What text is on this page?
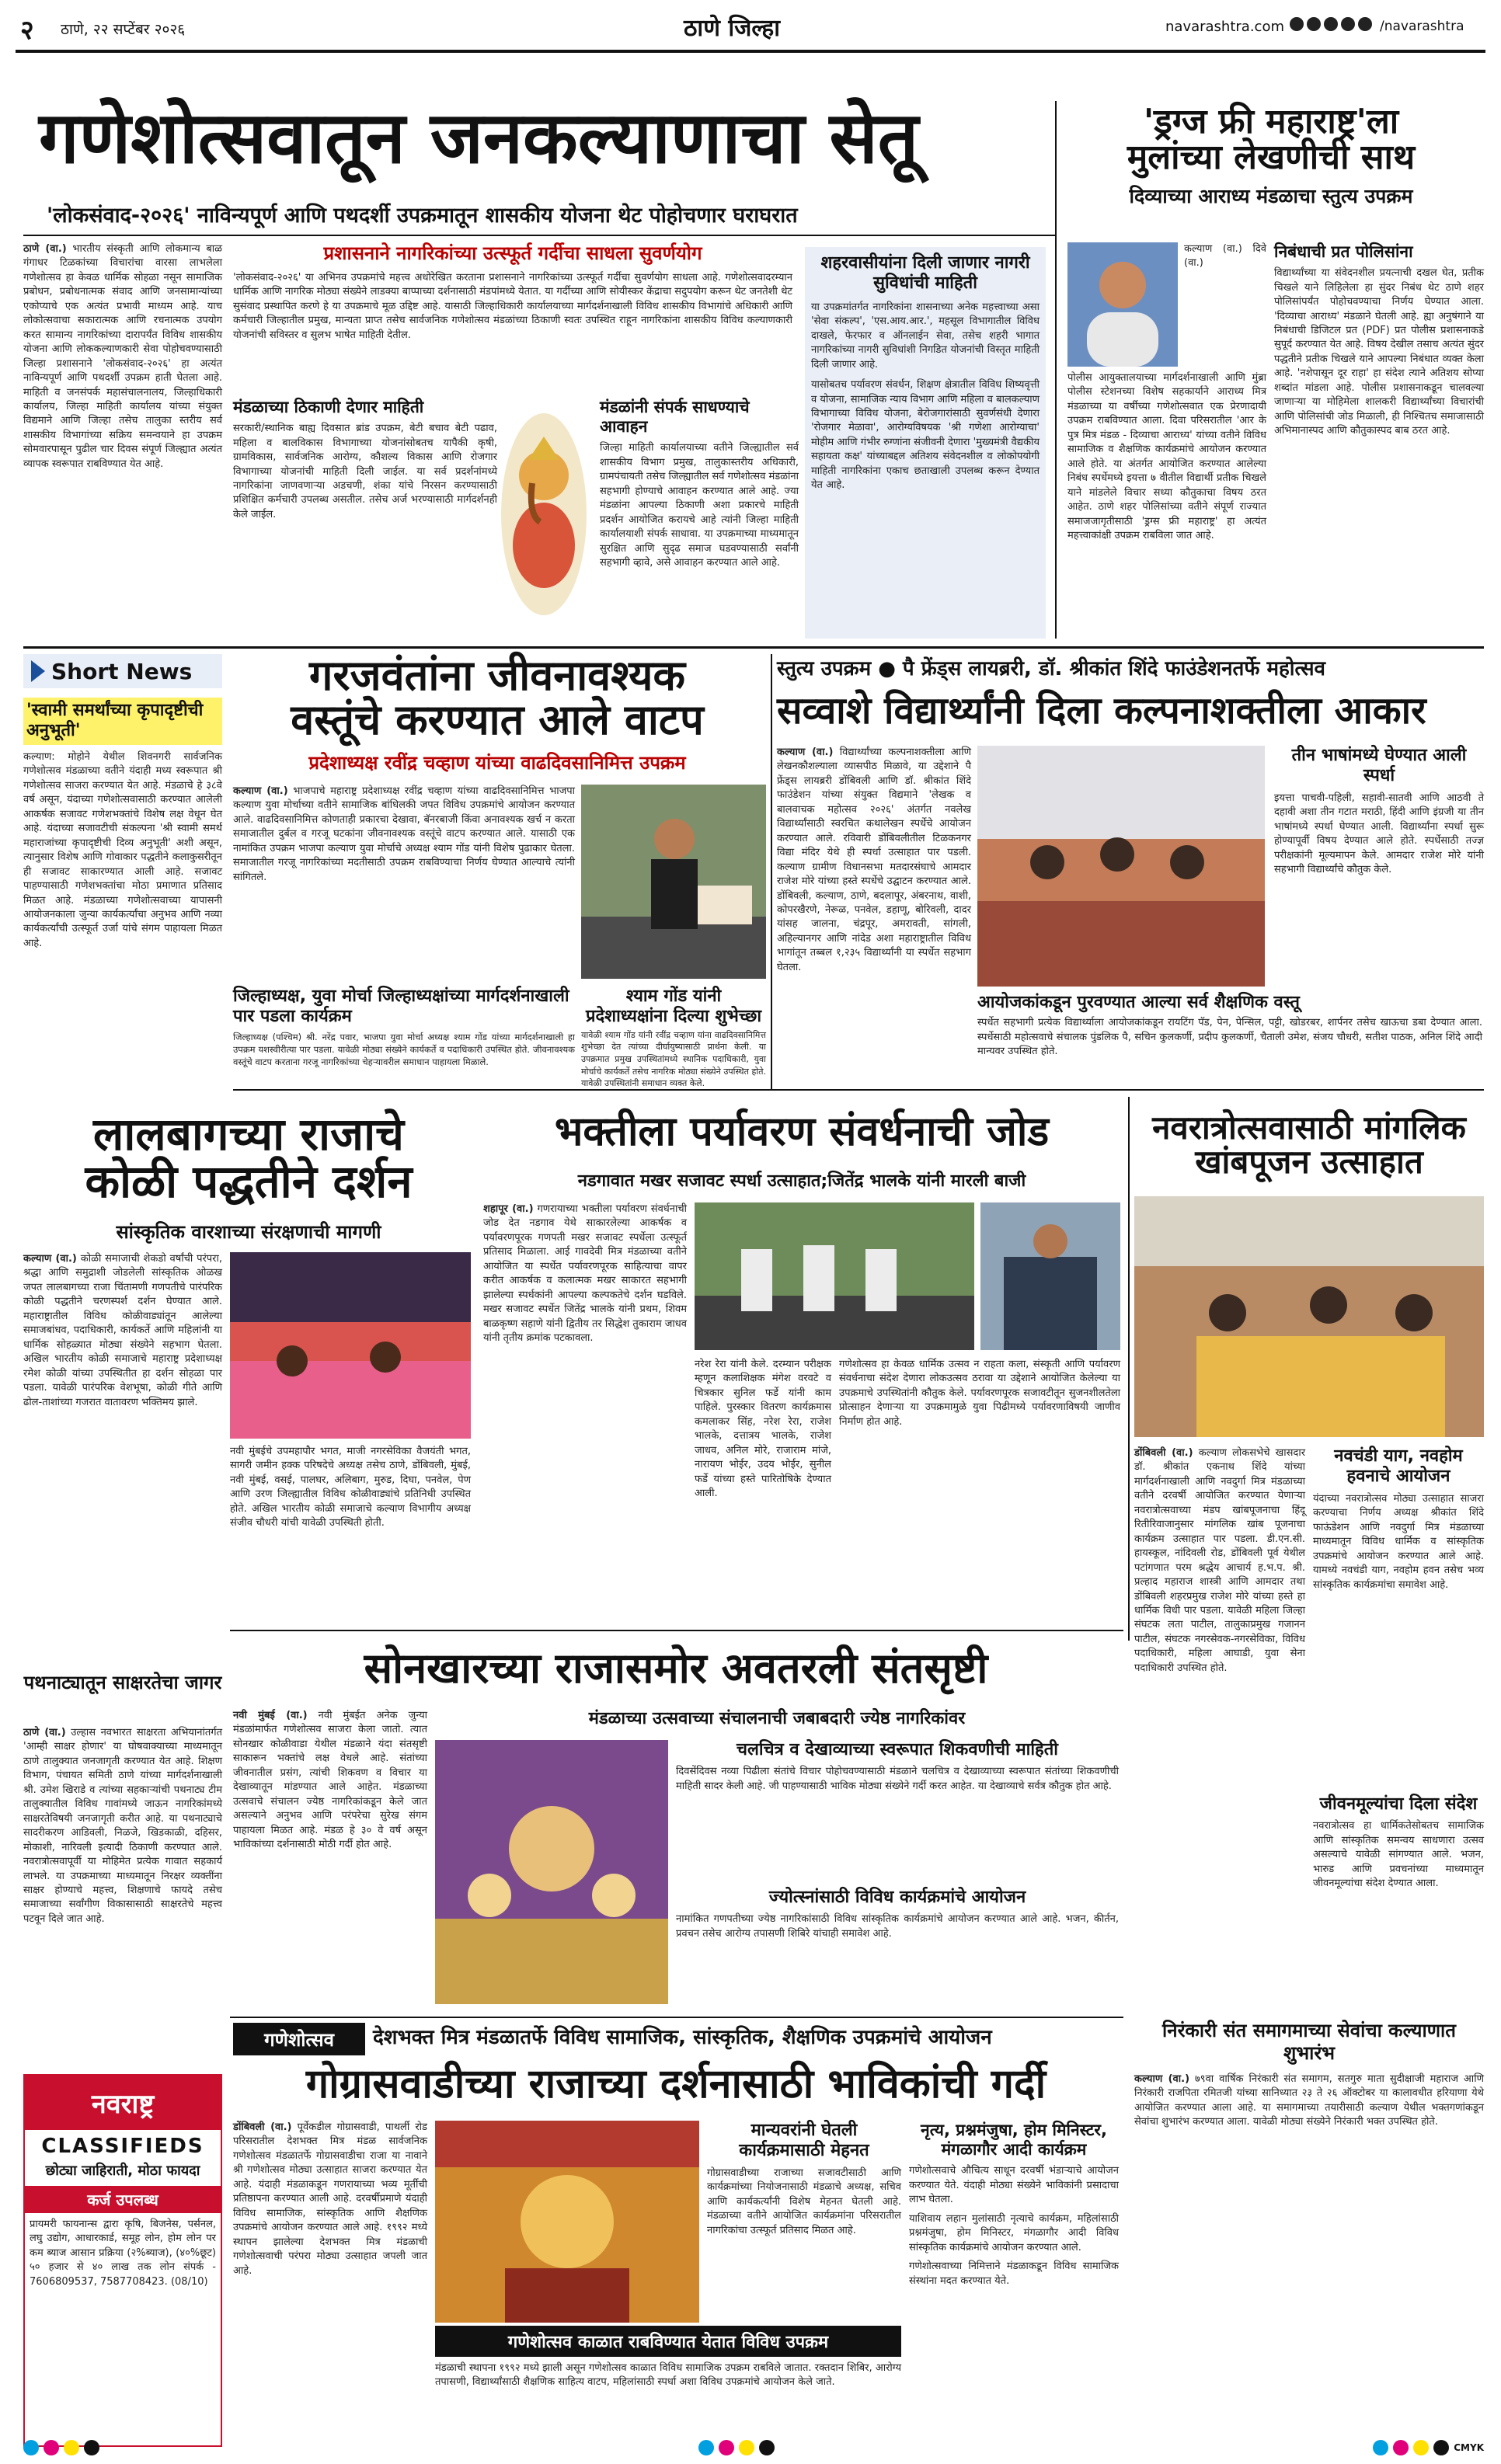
२ ठाणे, २२ सप्टेंबर २०२६	ठाणे जिल्हा	navarashtra.com	/navarashtra
गणेशोत्सवातून जनकल्याणाचा सेतू
'लोकसंवाद-२०२६' नाविन्यपूर्ण आणि पथदर्शी उपक्रमातून शासकीय योजना थेट पोहोचणार घराघरात
ठाणे (वा.) भारतीय संस्कृती आणि लोकमान्य बाळ गंगाधर टिळकांच्या विचारांचा वारसा लाभलेला गणेशोत्सव हा केवळ धार्मिक सोहळा नसून सामाजिक प्रबोधन, प्रबोधनात्मक संवाद आणि जनसामान्यांच्या एकोप्याचे एक अत्यंत प्रभावी माध्यम आहे. याच लोकोत्सवाचा सकारात्मक आणि रचनात्मक उपयोग करत सामान्य नागरिकांच्या दारापर्यंत विविध शासकीय योजना आणि लोककल्याणकारी सेवा पोहोचवण्यासाठी जिल्हा प्रशासनाने 'लोकसंवाद-२०२६' हा अत्यंत नाविन्यपूर्ण आणि पथदर्शी उपक्रम हाती घेतला आहे. माहिती व जनसंपर्क महासंचालनालय, जिल्हाधिकारी कार्यालय, जिल्हा माहिती कार्यालय यांच्या संयुक्त विद्यमाने आणि जिल्हा तसेच तालुका स्तरीय सर्व शासकीय विभागांच्या सक्रिय समन्वयाने हा उपक्रम सोमवारपासून पुढील चार दिवस संपूर्ण जिल्ह्यात अत्यंत व्यापक स्वरूपात राबविण्यात येत आहे.
प्रशासनाने नागरिकांच्या उत्स्फूर्त गर्दीचा साधला सुवर्णयोग
'लोकसंवाद-२०२६' या अभिनव उपक्रमांचे महत्त्व अधोरेखित करताना प्रशासनाने नागरिकांच्या उत्स्फूर्त गर्दीचा सुवर्णयोग साधला आहे. गणेशोत्सवादरम्यान धार्मिक आणि नागरिक मोठ्या संख्येने लाडक्या बाप्पाच्या दर्शनासाठी मंडपांमध्ये येतात. या गर्दीच्या आणि सोयीस्कर केंद्राचा सदुपयोग करून थेट जनतेशी थेट सुसंवाद प्रस्थापित करणे हे या उपक्रमाचे मूळ उद्दिष्ट आहे. यासाठी जिल्हाधिकारी कार्यालयाच्या मार्गदर्शनाखाली विविध शासकीय विभागांचे अधिकारी आणि कर्मचारी जिल्हातील प्रमुख, मान्यता प्राप्त तसेच सार्वजनिक गणेशोत्सव मंडळांच्या ठिकाणी स्वतः उपस्थित राहून नागरिकांना शासकीय विविध कल्याणकारी योजनांची सविस्तर व सुलभ भाषेत माहिती देतील.
मंडळाच्या ठिकाणी देणार माहिती
सरकारी/स्थानिक बाह्य दिवसात ब्रांड उपक्रम, बेटी बचाव बेटी पढाव, महिला व बालविकास विभागाच्या योजनांसोबतच यापैकी कृषी, ग्रामविकास, सार्वजनिक आरोग्य, कौशल्य विकास आणि रोजगार विभागाच्या योजनांची माहिती दिली जाईल. या सर्व प्रदर्शनांमध्ये नागरिकांना जाणवणाऱ्या अडचणी, शंका यांचे निरसन करण्यासाठी प्रशिक्षित कर्मचारी उपलब्ध असतील. तसेच अर्ज भरण्यासाठी मार्गदर्शनही केले जाईल.
मंडळांनी संपर्क साधण्याचे आवाहन
जिल्हा माहिती कार्यालयाच्या वतीने जिल्ह्यातील सर्व शासकीय विभाग प्रमुख, तालुकास्तरीय अधिकारी, ग्रामपंचायती तसेच जिल्ह्यातील सर्व गणेशोत्सव मंडळांना सहभागी होण्याचे आवाहन करण्यात आले आहे. ज्या मंडळांना आपल्या ठिकाणी अशा प्रकारचे माहिती प्रदर्शन आयोजित करायचे आहे त्यांनी जिल्हा माहिती कार्यालयाशी संपर्क साधावा. या उपक्रमाच्या माध्यमातून सुरक्षित आणि सुदृढ समाज घडवण्यासाठी सर्वांनी सहभागी व्हावे, असे आवाहन करण्यात आले आहे.
शहरवासीयांना दिली जाणार नागरी सुविधांची माहिती
या उपक्रमांतर्गत नागरिकांना शासनाच्या अनेक महत्त्वाच्या असा 'सेवा संकल्प', 'एस.आय.आर.', महसूल विभागातील विविध दाखले, फेरफार व ऑनलाईन सेवा, तसेच शहरी भागात नागरिकांच्या नागरी सुविधांशी निगडित योजनांची विस्तृत माहिती दिली जाणार आहे.
यासोबतच पर्यावरण संवर्धन, शिक्षण क्षेत्रातील विविध शिष्यवृत्ती व योजना, सामाजिक न्याय विभाग आणि महिला व बालकल्याण विभागाच्या विविध योजना, बेरोजगारांसाठी सुवर्णसंधी देणारा 'रोजगार मेळावा', आरोग्यविषयक 'श्री गणेशा आरोग्याचा' मोहीम आणि गंभीर रुग्णांना संजीवनी देणारा 'मुख्यमंत्री वैद्यकीय सहायता कक्ष' यांच्याबद्दल अतिशय संवेदनशील व लोकोपयोगी माहिती नागरिकांना एकाच छताखाली उपलब्ध करून देण्यात येत आहे.
'ड्रग्ज फ्री महाराष्ट्र'ला
मुलांच्या लेखणीची साथ
दिव्याच्या आराध्य मंडळाचा स्तुत्य उपक्रम
कल्याण (वा.) दिवे (वा.)
पोलीस आयुक्तालयाच्या मार्गदर्शनाखाली आणि मुंब्रा पोलीस स्टेशनच्या विशेष सहकार्याने आराध्य मित्र मंडळाच्या या वर्षीच्या गणेशोत्सवात एक प्रेरणादायी उपक्रम राबविण्यात आला. दिवा परिसरातील 'आर के पुत्र मित्र मंडळ - दिव्याचा आराध्य' यांच्या वतीने विविध सामाजिक व शैक्षणिक कार्यक्रमांचे आयोजन करण्यात आले होते. या अंतर्गत आयोजित करण्यात आलेल्या निबंध स्पर्धेमध्ये इयत्ता ७ वीतील विद्यार्थी प्रतीक चिखले याने मांडलेले विचार सध्या कौतुकाचा विषय ठरत आहेत. ठाणे शहर पोलिसांच्या वतीने संपूर्ण राज्यात समाजजागृतीसाठी 'ड्रग्स फ्री महाराष्ट्र' हा अत्यंत महत्त्वाकांक्षी उपक्रम राबविला जात आहे.
निबंधाची प्रत पोलिसांना
विद्यार्थ्यांच्या या संवेदनशील प्रयत्नाची दखल घेत, प्रतीक चिखले याने लिहिलेला हा सुंदर निबंध थेट ठाणे शहर पोलिसांपर्यंत पोहोचवण्याचा निर्णय घेण्यात आला. 'दिव्याचा आराध्य' मंडळाने घेतली आहे. ह्या अनुषंगाने या निबंधाची डिजिटल प्रत (PDF) प्रत पोलीस प्रशासनाकडे सुपूर्द करण्यात येत आहे. विषय देखील तसाच अत्यंत सुंदर पद्धतीने प्रतीक चिखले याने आपल्या निबंधात व्यक्त केला आहे. 'नशेपासून दूर राहा' हा संदेश त्याने अतिशय सोप्या शब्दांत मांडला आहे. पोलीस प्रशासनाकडून चालवल्या जाणाऱ्या या मोहिमेला शालकरी विद्यार्थ्यांच्या विचारांची आणि पोलिसांची जोड मिळाली, ही निश्चितच समाजासाठी अभिमानास्पद आणि कौतुकास्पद बाब ठरत आहे.
Short News
'स्वामी समर्थांच्या कृपादृष्टीची अनुभूती'
कल्याण: मोहोने येथील शिवनगरी सार्वजनिक गणेशोत्सव मंडळाच्या वतीने यंदाही मध्य स्वरूपात श्री गणेशोत्सव साजरा करण्यात येत आहे. मंडळाचे हे ३८वे वर्ष असून, यंदाच्या गणेशोत्सवासाठी करण्यात आलेली आकर्षक सजावट गणेशभक्तांचे विशेष लक्ष वेधून घेत आहे. यंदाच्या सजावटीची संकल्पना 'श्री स्वामी समर्थ महाराजांच्या कृपादृष्टीची दिव्य अनुभूती' अशी असून, त्यानुसार विशेष आणि गोवाकार पद्धतीने कलाकुसरीतून ही सजावट साकारण्यात आली आहे. सजावट पाहण्यासाठी गणेशभक्तांचा मोठा प्रमाणात प्रतिसाद मिळत आहे. मंडळाच्या गणेशोत्सवाच्या यापासनी आयोजनकाला जुन्या कार्यकर्त्यांचा अनुभव आणि नव्या कार्यकर्त्यांची उत्स्फूर्त उर्जा यांचे संगम पाहायला मिळत आहे.
पथनाट्यातून साक्षरतेचा जागर
ठाणे (वा.) उल्हास नवभारत साक्षरता अभियानांतर्गत 'आम्ही साक्षर होणार' या घोषवाक्याच्या माध्यमातून ठाणे तालुक्यात जनजागृती करण्यात येत आहे. शिक्षण विभाग, पंचायत समिती ठाणे यांच्या मार्गदर्शनाखाली श्री. उमेश खिराडे व त्यांच्या सहकाऱ्यांची पथनाट्य टीम तालुक्यातील विविध गावांमध्ये जाऊन नागरिकांमध्ये साक्षरतेविषयी जनजागृती करीत आहे. या पथनाट्याचे सादरीकरण आडिवली, निळजे, खिडकाळी, दहिसर, मोकाशी, नारिवली इत्यादी ठिकाणी करण्यात आले. नवरात्रोत्सवापूर्वी या मोहिमेत प्रत्येक गावात सहकार्य लाभले. या उपक्रमाच्या माध्यमातून निरक्षर व्यक्तींना साक्षर होण्याचे महत्त्व, शिक्षणाचे फायदे तसेच समाजाच्या सर्वांगीण विकासासाठी साक्षरतेचे महत्त्व पटवून दिले जात आहे.
गरजवंतांना जीवनावश्यक
वस्तूंचे करण्यात आले वाटप
प्रदेशाध्यक्ष रवींद्र चव्हाण यांच्या वाढदिवसानिमित्त उपक्रम
कल्याण (वा.) भाजपाचे महाराष्ट्र प्रदेशाध्यक्ष रवींद्र चव्हाण यांच्या वाढदिवसानिमित्त भाजपा कल्याण युवा मोर्चाच्या वतीने सामाजिक बांधिलकी जपत विविध उपक्रमांचे आयोजन करण्यात आले. वाढदिवसानिमित्त कोणताही प्रकारचा देखावा, बॅनरबाजी किंवा अनावश्यक खर्च न करता समाजातील दुर्बल व गरजू घटकांना जीवनावश्यक वस्तूंचे वाटप करण्यात आले. यासाठी एक नामांकित उपक्रम भाजपा कल्याण युवा मोर्चाचे अध्यक्ष श्याम गोंड यांनी विशेष पुढाकार घेतला. समाजातील गरजू नागरिकांच्या मदतीसाठी उपक्रम राबविण्याचा निर्णय घेण्यात आल्याचे त्यांनी सांगितले.
जिल्हाध्यक्ष, युवा मोर्चा जिल्हाध्यक्षांच्या मार्गदर्शनाखाली पार पडला कार्यक्रम
जिल्हाध्यक्ष (पश्चिम) श्री. नरेंद्र पवार, भाजपा युवा मोर्चा अध्यक्ष श्याम गोंड यांच्या मार्गदर्शनाखाली हा उपक्रम यशस्वीरीत्या पार पडला. यावेळी मोठ्या संख्येने कार्यकर्ते व पदाधिकारी उपस्थित होते. जीवनावश्यक वस्तूंचे वाटप करताना गरजू नागरिकांच्या चेहऱ्यावरील समाधान पाहायला मिळाले.
श्याम गोंड यांनी
प्रदेशाध्यक्षांना दिल्या शुभेच्छा
यावेळी श्याम गोंड यांनी रवींद्र चव्हाण यांना वाढदिवसानिमित्त शुभेच्छा देत त्यांच्या दीर्घायुष्यासाठी प्रार्थना केली. या उपक्रमात प्रमुख उपस्थितांमध्ये स्थानिक पदाधिकारी, युवा मोर्चाचे कार्यकर्ते तसेच नागरिक मोठ्या संख्येने उपस्थित होते. यावेळी उपस्थितांनी समाधान व्यक्त केले.
स्तुत्य उपक्रम ● पै फ्रेंड्स लायब्ररी, डॉ. श्रीकांत शिंदे फाउंडेशनतर्फे महोत्सव
सव्वाशे विद्यार्थ्यांनी दिला कल्पनाशक्तीला आकार
कल्याण (वा.) विद्यार्थ्यांच्या कल्पनाशक्तीला आणि लेखनकौशल्याला व्यासपीठ मिळावे, या उद्देशाने पै फ्रेंड्स लायब्ररी डोंबिवली आणि डॉ. श्रीकांत शिंदे फाउंडेशन यांच्या संयुक्त विद्यमाने 'लेखक व बालवाचक महोत्सव २०२६' अंतर्गत नवलेख विद्यार्थ्यांसाठी स्वरचित कथालेखन स्पर्धेचे आयोजन करण्यात आले. रविवारी डोंबिवलीतील टिळकनगर विद्या मंदिर येथे ही स्पर्धा उत्साहात पार पडली. कल्याण ग्रामीण विधानसभा मतदारसंघाचे आमदार राजेश मोरे यांच्या हस्ते स्पर्धेचे उद्घाटन करण्यात आले. डोंबिवली, कल्याण, ठाणे, बदलापूर, अंबरनाथ, वाशी, कोपरखैरणे, नेरूळ, पनवेल, डहाणू, बोरिवली, दादर यांसह जालना, चंद्रपूर, अमरावती, सांगली, अहिल्यानगर आणि नांदेड अशा महाराष्ट्रातील विविध भागांतून तब्बल १,२३५ विद्यार्थ्यांनी या स्पर्धेत सहभाग घेतला.
तीन भाषांमध्ये घेण्यात आली स्पर्धा
इयत्ता पाचवी-पहिली, सहावी-सातवी आणि आठवी ते दहावी अशा तीन गटात मराठी, हिंदी आणि इंग्रजी या तीन भाषांमध्ये स्पर्धा घेण्यात आली. विद्यार्थ्यांना स्पर्धा सुरू होण्यापूर्वी विषय देण्यात आले होते. स्पर्धेसाठी तज्ज्ञ परीक्षकांनी मूल्यमापन केले. आमदार राजेश मोरे यांनी सहभागी विद्यार्थ्यांचे कौतुक केले.
आयोजकांकडून पुरवण्यात आल्या सर्व शैक्षणिक वस्तू
स्पर्धेत सहभागी प्रत्येक विद्यार्थ्याला आयोजकांकडून रायटिंग पॅड, पेन, पेन्सिल, पट्टी, खोडरबर, शार्पनर तसेच खाऊचा डबा देण्यात आला. स्पर्धेसाठी महोत्सवाचे संचालक पुंडलिक पै, सचिन कुलकर्णी, प्रदीप कुलकर्णी, चैताली उमेश, संजय चौधरी, सतीश पाठक, अनिल शिंदे आदी मान्यवर उपस्थित होते.
लालबागच्या राजाचे
कोळी पद्धतीने दर्शन
सांस्कृतिक वारशाच्या संरक्षणाची मागणी
कल्याण (वा.) कोळी समाजाची शेकडो वर्षांची परंपरा, श्रद्धा आणि समुद्राशी जोडलेली सांस्कृतिक ओळख जपत लालबागच्या राजा चिंतामणी गणपतीचे पारंपरिक कोळी पद्धतीने चरणस्पर्श दर्शन घेण्यात आले. महाराष्ट्रातील विविध कोळीवाड्यांतून आलेल्या समाजबांधव, पदाधिकारी, कार्यकर्ते आणि महिलांनी या धार्मिक सोहळ्यात मोठ्या संख्येने सहभाग घेतला. अखिल भारतीय कोळी समाजाचे महाराष्ट्र प्रदेशाध्यक्ष रमेश कोळी यांच्या उपस्थितीत हा दर्शन सोहळा पार पडला. यावेळी पारंपरिक वेशभूषा, कोळी गीते आणि ढोल-ताशांच्या गजरात वातावरण भक्तिमय झाले.
नवी मुंबईचे उपमहापौर भगत, माजी नगरसेविका वैजयंती भगत, सागरी जमीन हक्क परिषदेचे अध्यक्ष तसेच ठाणे, डोंबिवली, मुंबई, नवी मुंबई, वसई, पालघर, अलिबाग, मुरुड, दिघा, पनवेल, पेण आणि उरण जिल्ह्यातील विविध कोळीवाड्यांचे प्रतिनिधी उपस्थित होते. अखिल भारतीय कोळी समाजाचे कल्याण विभागीय अध्यक्ष संजीव चौधरी यांची यावेळी उपस्थिती होती.
भक्तीला पर्यावरण संवर्धनाची जोड
नडगावात मखर सजावट स्पर्धा उत्साहात;जितेंद्र भालके यांनी मारली बाजी
शहापूर (वा.) गणरायाच्या भक्तीला पर्यावरण संवर्धनाची जोड देत नडगाव येथे साकारलेल्या आकर्षक व पर्यावरणपूरक गणपती मखर सजावट स्पर्धेला उत्स्फूर्त प्रतिसाद मिळाला. आई गावदेवी मित्र मंडळाच्या वतीने आयोजित या स्पर्धेत पर्यावरणपूरक साहित्याचा वापर करीत आकर्षक व कलात्मक मखर साकारत सहभागी झालेल्या स्पर्धकांनी आपल्या कल्पकतेचे दर्शन घडविले. मखर सजावट स्पर्धेत जितेंद्र भालके यांनी प्रथम, शिवम बाळकृष्ण सहाणे यांनी द्वितीय तर सिद्धेश तुकाराम जाधव यांनी तृतीय क्रमांक पटकावला.
नरेश रेरा यांनी केले. दरम्यान परीक्षक म्हणून कलाशिक्षक मंगेश वरवटे व चित्रकार सुनिल फर्डे यांनी काम पाहिले. पुरस्कार वितरण कार्यक्रमास कमलाकर सिंह, नरेश रेरा, राजेश भालके, दत्तात्रय भालके, राजेश जाधव, अनिल मोरे, राजाराम मांजे, नारायण भोईर, उदय भोईर, सुनील फर्डे यांच्या हस्ते पारितोषिके देण्यात आली.
गणेशोत्सव हा केवळ धार्मिक उत्सव न राहता कला, संस्कृती आणि पर्यावरण संवर्धनाचा संदेश देणारा लोकउत्सव ठरावा या उद्देशाने आयोजित केलेल्या या उपक्रमाचे उपस्थितांनी कौतुक केले. पर्यावरणपूरक सजावटीतून सुजनशीलतेला प्रोत्साहन देणाऱ्या या उपक्रमामुळे युवा पिढीमध्ये पर्यावरणाविषयी जाणीव निर्माण होत आहे.
नवरात्रोत्सवासाठी मांगलिक
खांबपूजन उत्साहात
डोंबिवली (वा.) कल्याण लोकसभेचे खासदार डॉ. श्रीकांत एकनाथ शिंदे यांच्या मार्गदर्शनाखाली आणि नवदुर्गा मित्र मंडळाच्या वतीने दरवर्षी आयोजित करण्यात येणाऱ्या नवरात्रोत्सवाच्या मंडप खांबपूजनाचा हिंदू रितीरिवाजानुसार मांगलिक खांब पूजनाचा कार्यक्रम उत्साहात पार पडला. डी.एन.सी. हायस्कूल, नांदिवली रोड, डोंबिवली पूर्व येथील पटांगणात परम श्रद्धेय आचार्य ह.भ.प. श्री. प्रल्हाद महाराज शास्त्री आणि आमदार तथा डोंबिवली शहरप्रमुख राजेश मोरे यांच्या हस्ते हा धार्मिक विधी पार पडला. यावेळी महिला जिल्हा संघटक लता पाटील, तालुकाप्रमुख गजानन पाटील, संघटक नगरसेवक-नगरसेविका, विविध पदाधिकारी, महिला आघाडी, युवा सेना पदाधिकारी उपस्थित होते.
नवचंडी याग, नवहोम हवनाचे आयोजन
यंदाच्या नवरात्रोत्सव मोठ्या उत्साहात साजरा करण्याचा निर्णय अध्यक्ष श्रीकांत शिंदे फाऊंडेशन आणि नवदुर्गा मित्र मंडळाच्या माध्यमातून विविध धार्मिक व सांस्कृतिक उपक्रमांचे आयोजन करण्यात आले आहे. यामध्ये नवचंडी याग, नवहोम हवन तसेच भव्य सांस्कृतिक कार्यक्रमांचा समावेश आहे.
जीवनमूल्यांचा दिला संदेश
नवरात्रोत्सव हा धार्मिकतेसोबतच सामाजिक आणि सांस्कृतिक समन्वय साधणारा उत्सव असल्याचे यावेळी सांगण्यात आले. भजन, भारुड आणि प्रवचनांच्या माध्यमातून जीवनमूल्यांचा संदेश देण्यात आला.
सोनखारच्या राजासमोर अवतरली संतसृष्टी
मंडळाच्या उत्सवाच्या संचालनाची जबाबदारी ज्येष्ठ नागरिकांवर
नवी मुंबई (वा.) नवी मुंबईत अनेक जुन्या मंडळांमार्फत गणेशोत्सव साजरा केला जातो. त्यात सोनखार कोळीवाडा येथील मंडळाने यंदा संतसृष्टी साकारून भक्तांचे लक्ष वेधले आहे. संतांच्या जीवनातील प्रसंग, त्यांची शिकवण व विचार या देखाव्यातून मांडण्यात आले आहेत. मंडळाच्या उत्सवाचे संचालन ज्येष्ठ नागरिकांकडून केले जात असल्याने अनुभव आणि परंपरेचा सुरेख संगम पाहायला मिळत आहे. मंडळ हे ३० वे वर्ष असून भाविकांच्या दर्शनासाठी मोठी गर्दी होत आहे.
चलचित्र व देखाव्याच्या स्वरूपात शिकवणीची माहिती
दिवसेंदिवस नव्या पिढीला संतांचे विचार पोहोचवण्यासाठी मंडळाने चलचित्र व देखाव्याच्या स्वरूपात संतांच्या शिकवणीची माहिती सादर केली आहे. जी पाहण्यासाठी भाविक मोठ्या संख्येने गर्दी करत आहेत. या देखाव्याचे सर्वत्र कौतुक होत आहे.
ज्योत्स्नांसाठी विविध कार्यक्रमांचे आयोजन
नामांकित गणपतीच्या ज्येष्ठ नागरिकांसाठी विविध सांस्कृतिक कार्यक्रमांचे आयोजन करण्यात आले आहे. भजन, कीर्तन, प्रवचन तसेच आरोग्य तपासणी शिबिरे यांचाही समावेश आहे.
गणेशोत्सव	देशभक्त मित्र मंडळातर्फे विविध सामाजिक, सांस्कृतिक, शैक्षणिक उपक्रमांचे आयोजन
गोग्रासवाडीच्या राजाच्या दर्शनासाठी भाविकांची गर्दी
डोंबिवली (वा.) पूर्वेकडील गोग्रासवाडी, पाथर्ली रोड परिसरातील देशभक्त मित्र मंडळ सार्वजनिक गणेशोत्सव मंडळातर्फे गोग्रासवाडीचा राजा या नावाने श्री गणेशोत्सव मोठ्या उत्साहात साजरा करण्यात येत आहे. यंदाही मंडळाकडून गणरायाच्या भव्य मूर्तीची प्रतिष्ठापना करण्यात आली आहे. दरवर्षीप्रमाणे यंदाही विविध सामाजिक, सांस्कृतिक आणि शैक्षणिक उपक्रमांचे आयोजन करण्यात आले आहे. १९९२ मध्ये स्थापन झालेल्या देशभक्त मित्र मंडळाची गणेशोत्सवाची परंपरा मोठ्या उत्साहात जपली जात आहे.
मान्यवरांनी घेतली कार्यक्रमासाठी मेहनत
गोग्रासवाडीच्या राजाच्या सजावटीसाठी आणि कार्यक्रमांच्या नियोजनासाठी मंडळाचे अध्यक्ष, सचिव आणि कार्यकर्त्यांनी विशेष मेहनत घेतली आहे. मंडळाच्या वतीने आयोजित कार्यक्रमांना परिसरातील नागरिकांचा उत्स्फूर्त प्रतिसाद मिळत आहे.
गणेशोत्सव काळात राबविण्यात येतात विविध उपक्रम
मंडळाची स्थापना १९९२ मध्ये झाली असून गणेशोत्सव काळात विविध सामाजिक उपक्रम राबविले जातात. रक्तदान शिबिर, आरोग्य तपासणी, विद्यार्थ्यांसाठी शैक्षणिक साहित्य वाटप, महिलांसाठी स्पर्धा अशा विविध उपक्रमांचे आयोजन केले जाते.
नृत्य, प्रश्नमंजुषा, होम मिनिस्टर, मंगळागौर आदी कार्यक्रम
गणेशोत्सवाचे औचित्य साधून दरवर्षी भंडाऱ्याचे आयोजन करण्यात येते. यंदाही मोठ्या संख्येने भाविकांनी प्रसादाचा लाभ घेतला.
याशिवाय लहान मुलांसाठी नृत्याचे कार्यक्रम, महिलांसाठी प्रश्नमंजुषा, होम मिनिस्टर, मंगळागौर आदी विविध सांस्कृतिक कार्यक्रमांचे आयोजन करण्यात आले.
गणेशोत्सवाच्या निमित्ताने मंडळाकडून विविध सामाजिक संस्थांना मदत करण्यात येते.
निरंकारी संत समागमाच्या सेवांचा कल्याणात शुभारंभ
कल्याण (वा.) ७९वा वार्षिक निरंकारी संत समागम, सतगुरु माता सुदीक्षाजी महाराज आणि निरंकारी राजपिता रमितजी यांच्या सानिध्यात २३ ते २६ ऑक्टोबर या कालावधीत हरियाणा येथे आयोजित करण्यात आला आहे. या समागमाच्या तयारीसाठी कल्याण येथील भक्तगणांकडून सेवांचा शुभारंभ करण्यात आला. यावेळी मोठ्या संख्येने निरंकारी भक्त उपस्थित होते.
नवराष्ट्र
CLASSIFIEDS
छोट्या जाहिराती, मोठा फायदा
कर्ज उपलब्ध
प्रायमरी फायनान्स द्वारा कृषि, बिजनेस, पर्सनल, लघु उद्योग, आधारकार्ड, समूह लोन, होम लोन पर कम ब्याज आसान प्रक्रिया (२%ब्याज), (४०%छूट) ५० हजार से ४० लाख तक लोन संपर्क - 7606809537, 7587708423. (08/10)
CMYK
